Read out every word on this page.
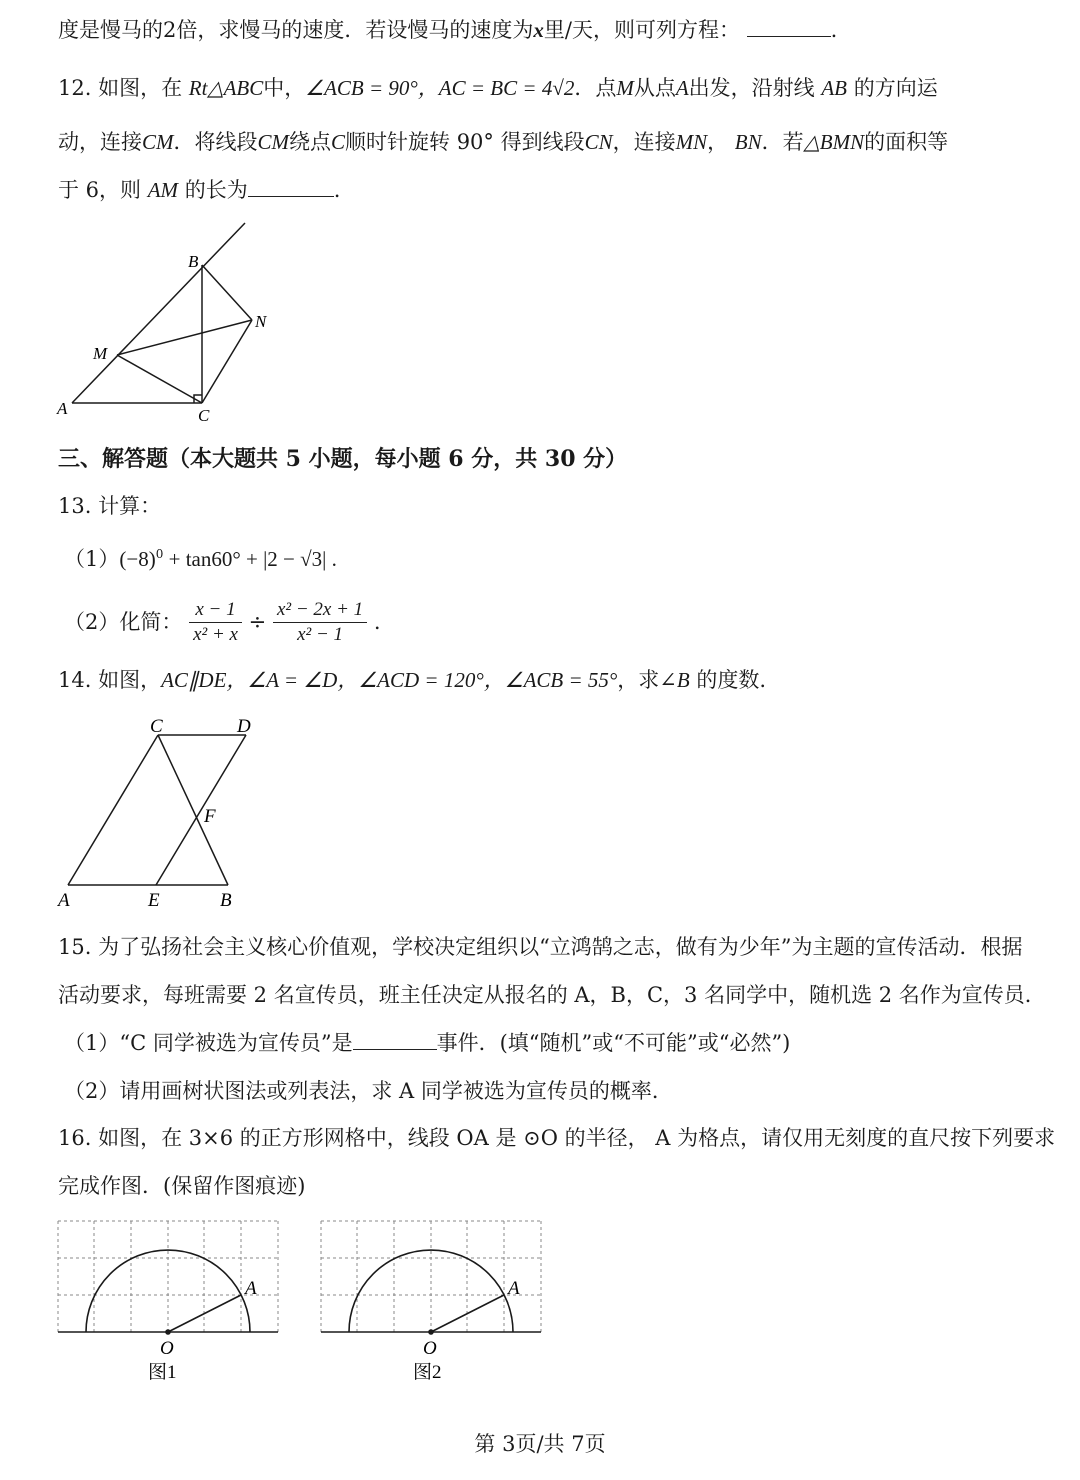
度是慢马的2倍，求慢马的速度．若设慢马的速度为x里/天，则可列方程：	.
12. 如图，在 Rt△ABC中，∠ACB = 90°，AC = BC = 4√2．点M从点A出发，沿射线 AB 的方向运
动，连接CM．将线段CM绕点C顺时针旋转 90° 得到线段CN，连接MN， BN．若△BMN的面积等
于 6，则 AM 的长为	.
B
N
M
A	C
三、解答题（本大题共 5 小题，每小题 6 分，共 30 分）
13. 计算：
$(1)(-8)^0 + \tan 60^\circ + |2 - √3|$ .
（2）化简： $\frac{x - 1}{\text{x² + x}} \div \frac{\text{x² − 2x + 1}}{\text{x² − 1}}$ .
14. 如图，AC∥DE，∠A = ∠D，∠ACD = 120°，∠ACB = 55°，求∠B 的度数.
C	D
F
A	E	B
15. 为了弘扬社会主义核心价值观，学校决定组织以“立鸿鹄之志，做有为少年”为主题的宣传活动．根据
活动要求，每班需要 2 名宣传员，班主任决定从报名的 A，B，C，3 名同学中，随机选 2 名作为宣传员．
（1）“C 同学被选为宣传员”是	事件．(填“随机”或“不可能”或“必然”)
（2）请用画树状图法或列表法，求 A 同学被选为宣传员的概率．
16. 如图，在 3×6 的正方形网格中，线段 OA 是 ⊙O 的半径， A 为格点，请仅用无刻度的直尺按下列要求
完成作图．(保留作图痕迹)
O
A
图1
O
A
图2
第 3页/共 7页
